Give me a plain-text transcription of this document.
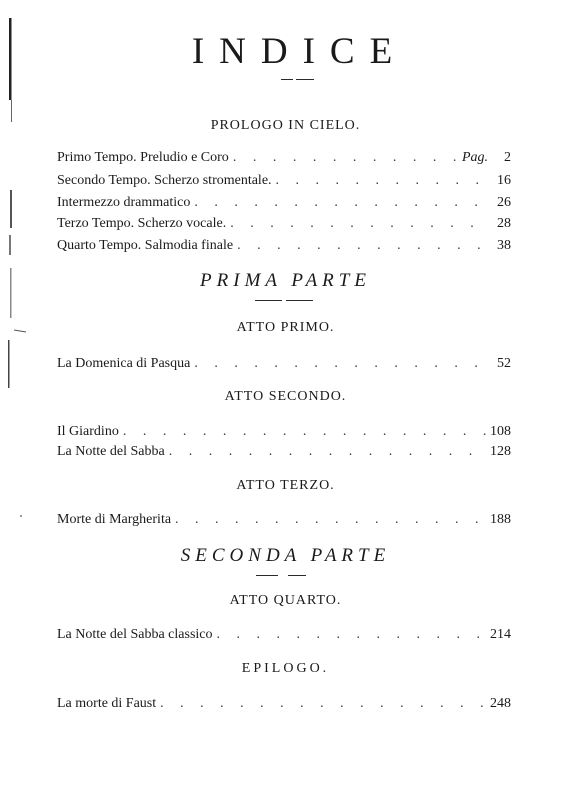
INDICE
PROLOGO IN CIELO.
Primo Tempo. Preludio e Coro . . .	Pag.	2
Secondo Tempo. Scherzo stromentale. . . .	16
Intermezzo drammatico . . .	26
Terzo Tempo. Scherzo vocale. . . .	28
Quarto Tempo. Salmodia finale . . .	38
PRIMA PARTE
ATTO PRIMO.
La Domenica di Pasqua . . .	52
ATTO SECONDO.
Il Giardino . . .	108
La Notte del Sabba . . .	128
ATTO TERZO.
Morte di Margherita . . .	188
SECONDA PARTE
ATTO QUARTO.
La Notte del Sabba classico . . .	214
EPILOGO.
La morte di Faust . . .	248
